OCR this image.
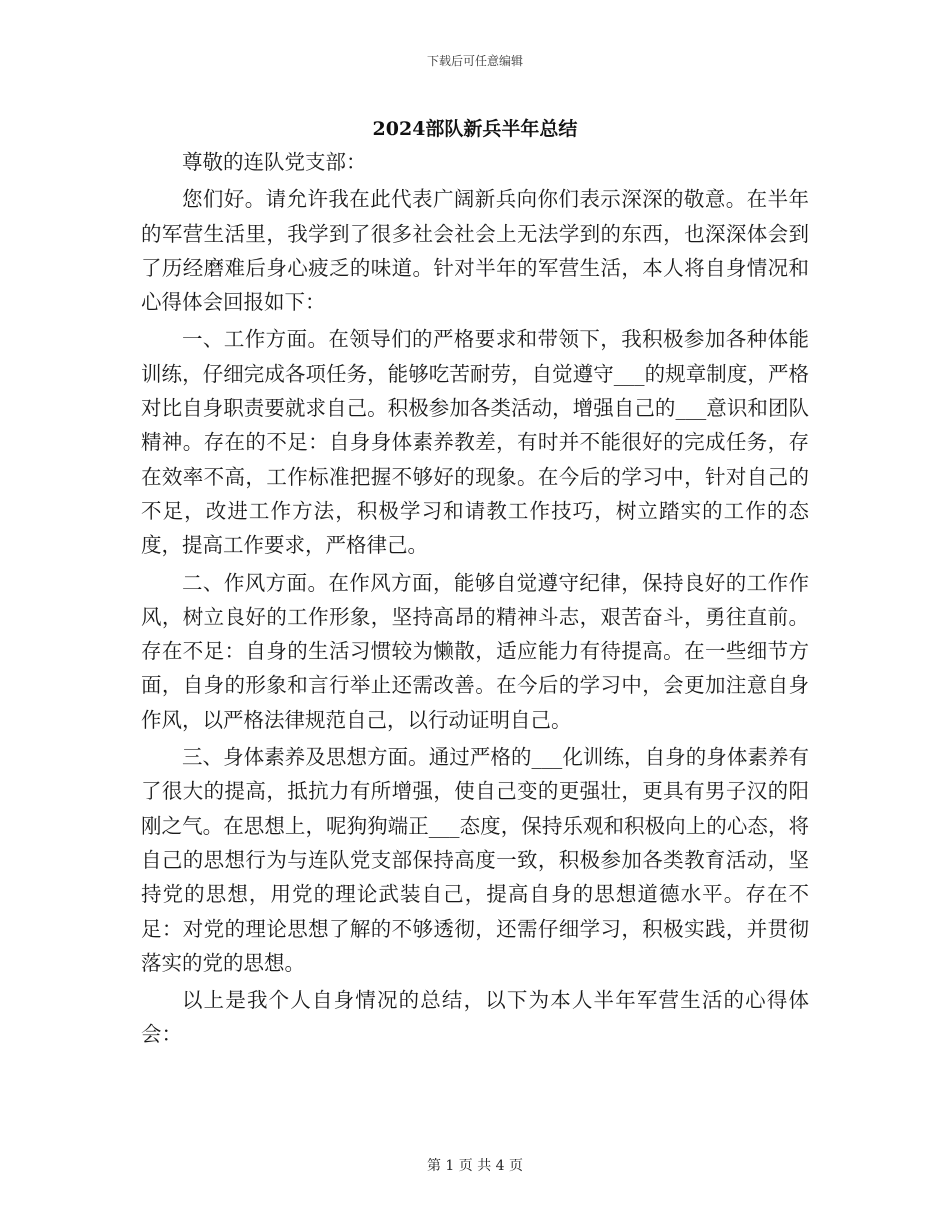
下载后可任意编辑
2024部队新兵半年总结

尊敬的连队党支部：

您们好。请允许我在此代表广阔新兵向你们表示深深的敬意。在半年的军营生活里，我学到了很多社会社会上无法学到的东西，也深深体会到了历经磨难后身心疲乏的味道。针对半年的军营生活，本人将自身情况和心得体会回报如下：

一、工作方面。在领导们的严格要求和带领下，我积极参加各种体能训练，仔细完成各项任务，能够吃苦耐劳，自觉遵守___的规章制度，严格对比自身职责要就求自己。积极参加各类活动，增强自己的___意识和团队精神。存在的不足：自身身体素养教差，有时并不能很好的完成任务，存在效率不高，工作标准把握不够好的现象。在今后的学习中，针对自己的不足，改进工作方法，积极学习和请教工作技巧，树立踏实的工作的态度，提高工作要求，严格律己。

二、作风方面。在作风方面，能够自觉遵守纪律，保持良好的工作作风，树立良好的工作形象，坚持高昂的精神斗志，艰苦奋斗，勇往直前。存在不足：自身的生活习惯较为懒散，适应能力有待提高。在一些细节方面，自身的形象和言行举止还需改善。在今后的学习中，会更加注意自身作风，以严格法律规范自己，以行动证明自己。

三、身体素养及思想方面。通过严格的___化训练，自身的身体素养有了很大的提高，抵抗力有所增强，使自己变的更强壮，更具有男子汉的阳刚之气。在思想上，呢狗狗端正___态度，保持乐观和积极向上的心态，将自己的思想行为与连队党支部保持高度一致，积极参加各类教育活动，坚持党的思想，用党的理论武装自己，提高自身的思想道德水平。存在不足：对党的理论思想了解的不够透彻，还需仔细学习，积极实践，并贯彻落实的党的思想。

以上是我个人自身情况的总结，以下为本人半年军营生活的心得体会：

第 1 页 共 4 页
